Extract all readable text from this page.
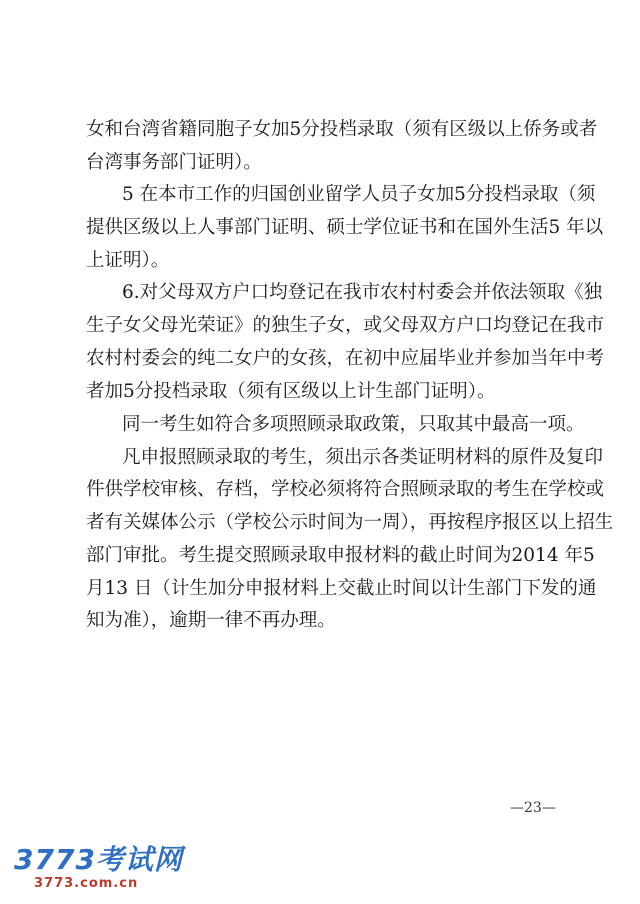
女和台湾省籍同胞子女加5分投档录取（须有区级以上侨务或者
台湾事务部门证明）。
5 在本市工作的归国创业留学人员子女加5分投档录取（须
提供区级以上人事部门证明、硕士学位证书和在国外生活5 年以
上证明）。
6.对父母双方户口均登记在我市农村村委会并依法领取《独
生子女父母光荣证》的独生子女，或父母双方户口均登记在我市
农村村委会的纯二女户的女孩，在初中应届毕业并参加当年中考
者加5分投档录取（须有区级以上计生部门证明）。
同一考生如符合多项照顾录取政策，只取其中最高一项。
凡申报照顾录取的考生，须出示各类证明材料的原件及复印
件供学校审核、存档，学校必须将符合照顾录取的考生在学校或
者有关媒体公示（学校公示时间为一周），再按程序报区以上招生
部门审批。考生提交照顾录取申报材料的截止时间为2014 年5
月13 日（计生加分申报材料上交截止时间以计生部门下发的通
知为准），逾期一律不再办理。
—23—
3773考试网
3773.com.cn
